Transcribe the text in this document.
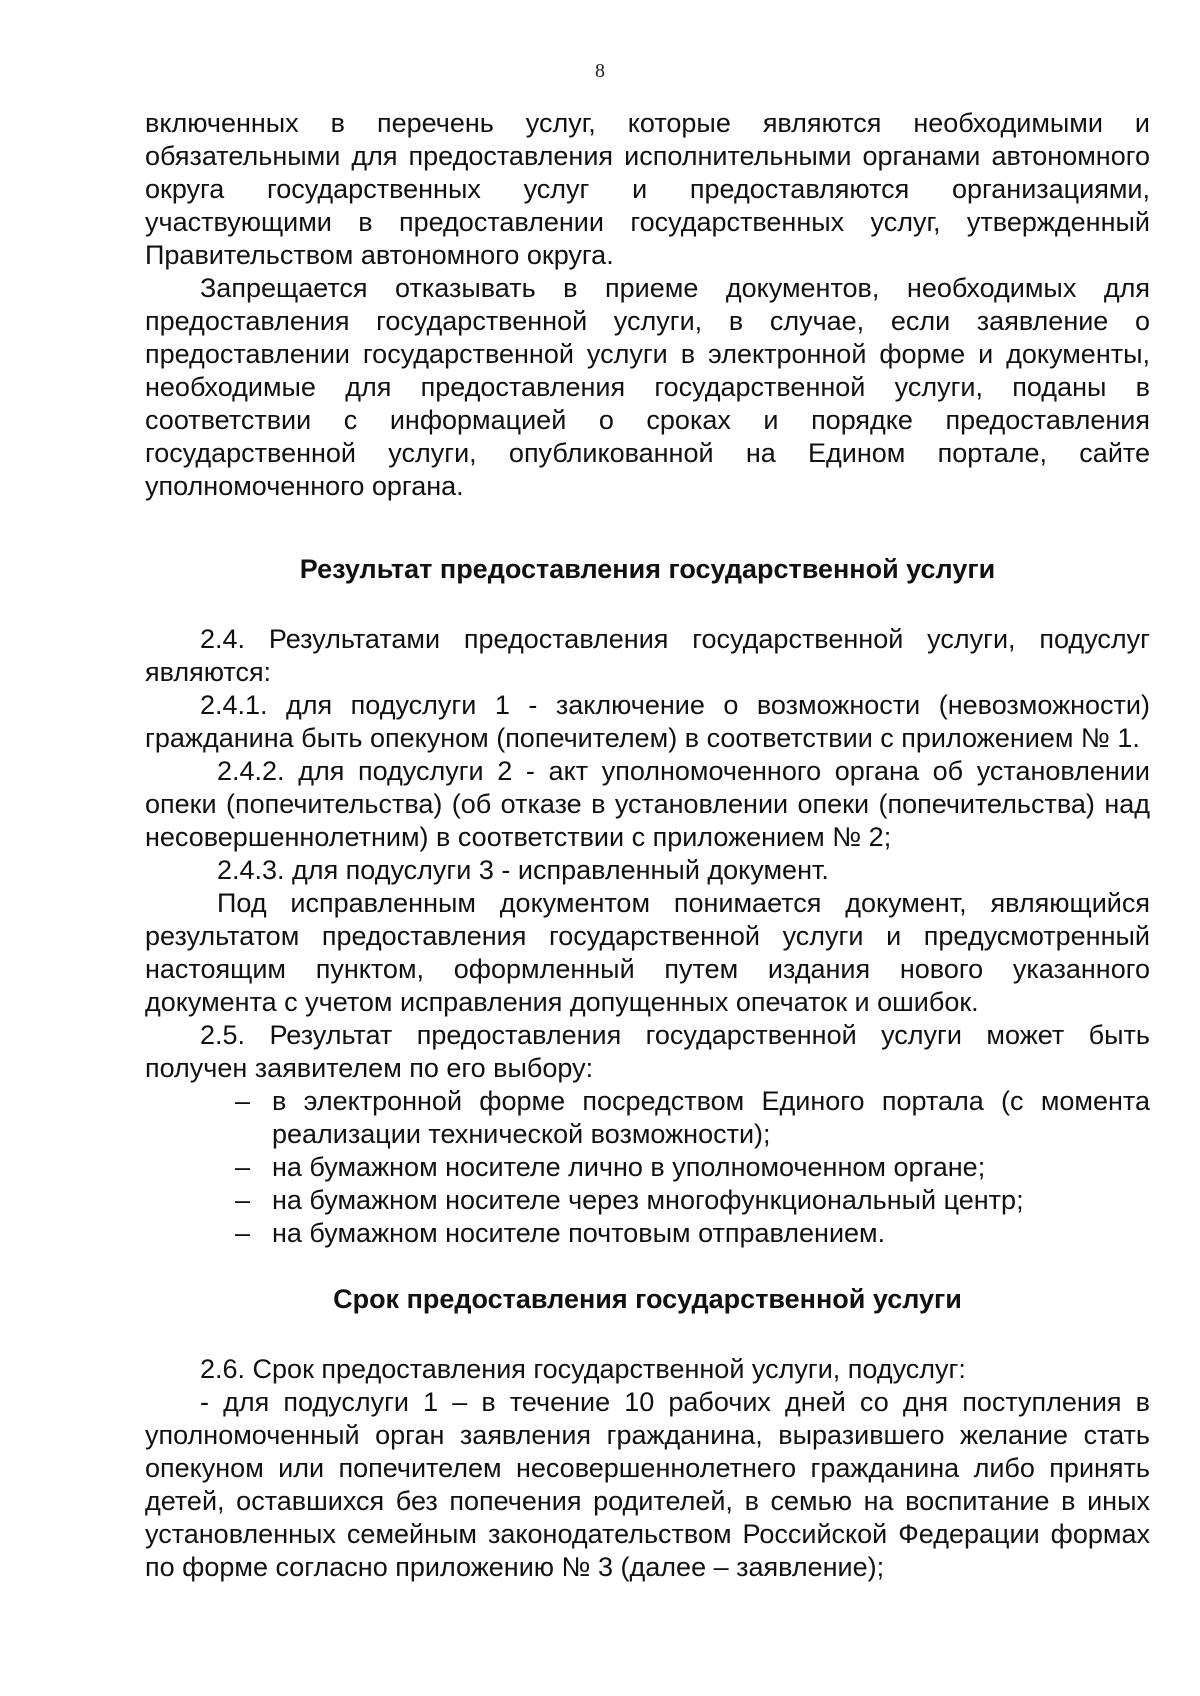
8

включенных в перечень услуг, которые являются необходимыми и обязательными для предоставления исполнительными органами автономного округа государственных услуг и предоставляются организациями, участвующими в предоставлении государственных услуг, утвержденный Правительством автономного округа.

Запрещается отказывать в приеме документов, необходимых для предоставления государственной услуги, в случае, если заявление о предоставлении государственной услуги в электронной форме и документы, необходимые для предоставления государственной услуги, поданы в соответствии с информацией о сроках и порядке предоставления государственной услуги, опубликованной на Едином портале, сайте уполномоченного органа.

Результат предоставления государственной услуги

2.4. Результатами предоставления государственной услуги, подуслуг являются:

2.4.1. для подуслуги 1 - заключение о возможности (невозможности) гражданина быть опекуном (попечителем) в соответствии с приложением № 1.

2.4.2. для подуслуги 2 - акт уполномоченного органа об установлении опеки (попечительства) (об отказе в установлении опеки (попечительства) над несовершеннолетним) в соответствии с приложением № 2;

2.4.3. для подуслуги 3 - исправленный документ.

Под исправленным документом понимается документ, являющийся результатом предоставления государственной услуги и предусмотренный настоящим пунктом, оформленный путем издания нового указанного документа с учетом исправления допущенных опечаток и ошибок.

2.5. Результат предоставления государственной услуги может быть получен заявителем по его выбору:

– в электронной форме посредством Единого портала (с момента реализации технической возможности);
– на бумажном носителе лично в уполномоченном органе;
– на бумажном носителе через многофункциональный центр;
– на бумажном носителе почтовым отправлением.

Срок предоставления государственной услуги

2.6. Срок предоставления государственной услуги, подуслуг:

- для подуслуги 1 – в течение 10 рабочих дней со дня поступления в уполномоченный орган заявления гражданина, выразившего желание стать опекуном или попечителем несовершеннолетнего гражданина либо принять детей, оставшихся без попечения родителей, в семью на воспитание в иных установленных семейным законодательством Российской Федерации формах по форме согласно приложению № 3 (далее – заявление);
